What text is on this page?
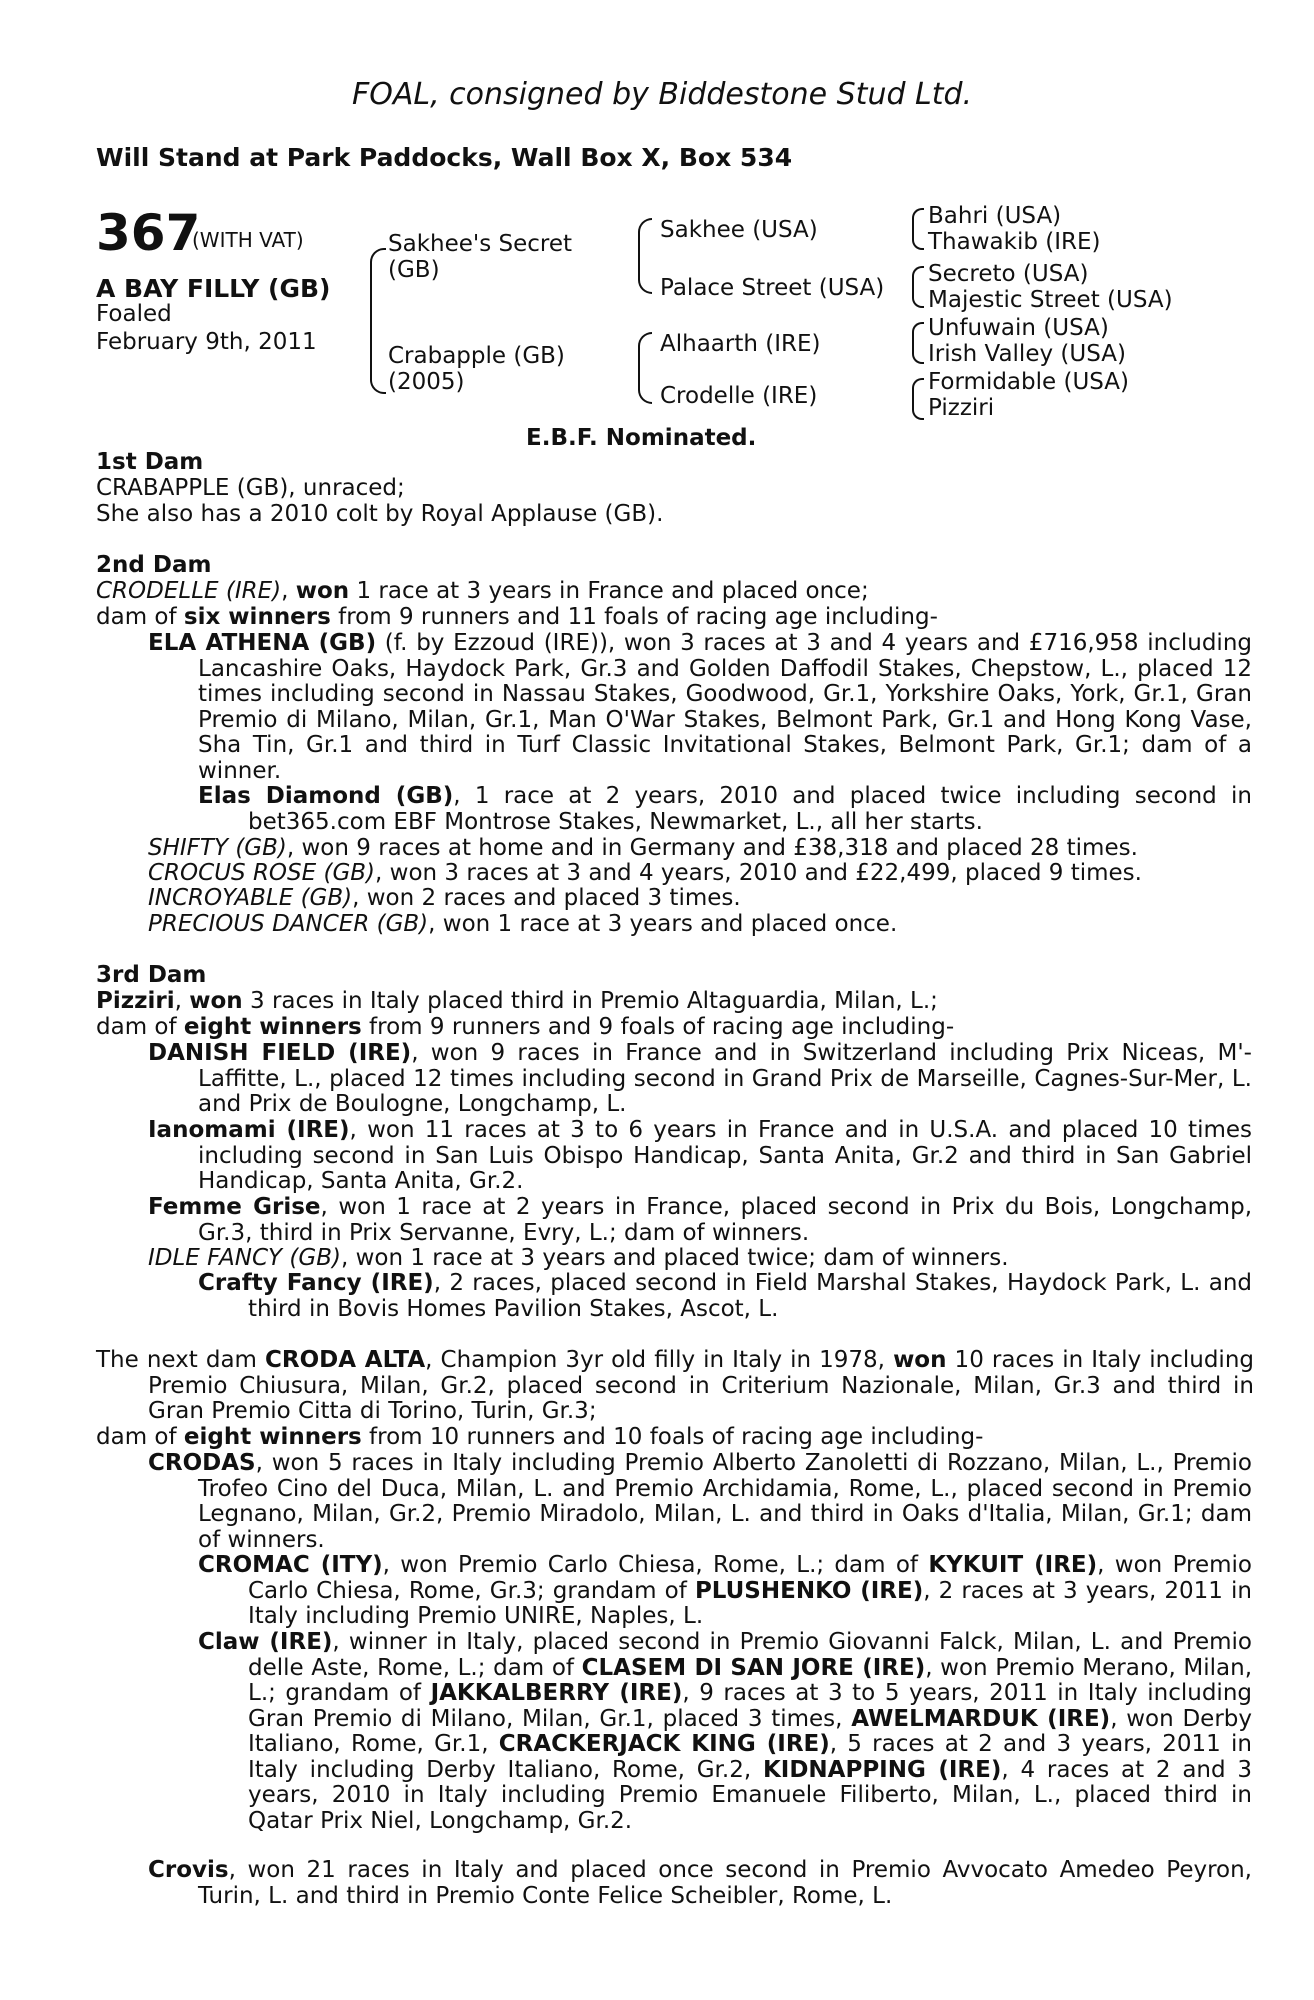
FOAL, consigned by Biddestone Stud Ltd.
Will Stand at Park Paddocks, Wall Box X, Box 534
367
(WITH VAT)
A BAY FILLY (GB)
Foaled
February 9th, 2011
Sakhee's Secret
(GB)
Crabapple (GB)
(2005)
Sakhee (USA)
Palace Street (USA)
Alhaarth (IRE)
Crodelle (IRE)
Bahri (USA)
Thawakib (IRE)
Secreto (USA)
Majestic Street (USA)
Unfuwain (USA)
Irish Valley (USA)
Formidable (USA)
Pizziri
E.B.F. Nominated.
1st Dam
CRABAPPLE (GB), unraced;
She also has a 2010 colt by Royal Applause (GB).
2nd Dam
CRODELLE (IRE), won 1 race at 3 years in France and placed once;
dam of six winners from 9 runners and 11 foals of racing age including-

ELA ATHENA (GB) (f. by Ezzoud (IRE)), won 3 races at 3 and 4 years and £716,958 including Lancashire Oaks, Haydock Park, Gr.3 and Golden Daffodil Stakes, Chepstow, L., placed 12 times including second in Nassau Stakes, Goodwood, Gr.1, Yorkshire Oaks, York, Gr.1, Gran Premio di Milano, Milan, Gr.1, Man O'War Stakes, Belmont Park, Gr.1 and Hong Kong Vase, Sha Tin, Gr.1 and third in Turf Classic Invitational Stakes, Belmont Park, Gr.1; dam of a winner.

Elas Diamond (GB), 1 race at 2 years, 2010 and placed twice including second in bet365.com EBF Montrose Stakes, Newmarket, L., all her starts.

SHIFTY (GB), won 9 races at home and in Germany and £38,318 and placed 28 times.

CROCUS ROSE (GB), won 3 races at 3 and 4 years, 2010 and £22,499, placed 9 times.

INCROYABLE (GB), won 2 races and placed 3 times.

PRECIOUS DANCER (GB), won 1 race at 3 years and placed once.

3rd Dam
Pizziri, won 3 races in Italy placed third in Premio Altaguardia, Milan, L.;
dam of eight winners from 9 runners and 9 foals of racing age including-

DANISH FIELD (IRE), won 9 races in France and in Switzerland including Prix Niceas, M'-Laffitte, L., placed 12 times including second in Grand Prix de Marseille, Cagnes-Sur-Mer, L. and Prix de Boulogne, Longchamp, L.

Ianomami (IRE), won 11 races at 3 to 6 years in France and in U.S.A. and placed 10 times including second in San Luis Obispo Handicap, Santa Anita, Gr.2 and third in San Gabriel Handicap, Santa Anita, Gr.2.

Femme Grise, won 1 race at 2 years in France, placed second in Prix du Bois, Longchamp, Gr.3, third in Prix Servanne, Evry, L.; dam of winners.

IDLE FANCY (GB), won 1 race at 3 years and placed twice; dam of winners.

Crafty Fancy (IRE), 2 races, placed second in Field Marshal Stakes, Haydock Park, L. and third in Bovis Homes Pavilion Stakes, Ascot, L.

The next dam CRODA ALTA, Champion 3yr old filly in Italy in 1978, won 10 races in Italy including Premio Chiusura, Milan, Gr.2, placed second in Criterium Nazionale, Milan, Gr.3 and third in Gran Premio Citta di Torino, Turin, Gr.3;

dam of eight winners from 10 runners and 10 foals of racing age including-

CRODAS, won 5 races in Italy including Premio Alberto Zanoletti di Rozzano, Milan, L., Premio Trofeo Cino del Duca, Milan, L. and Premio Archidamia, Rome, L., placed second in Premio Legnano, Milan, Gr.2, Premio Miradolo, Milan, L. and third in Oaks d'Italia, Milan, Gr.1; dam of winners.

CROMAC (ITY), won Premio Carlo Chiesa, Rome, L.; dam of KYKUIT (IRE), won Premio Carlo Chiesa, Rome, Gr.3; grandam of PLUSHENKO (IRE), 2 races at 3 years, 2011 in Italy including Premio UNIRE, Naples, L.

Claw (IRE), winner in Italy, placed second in Premio Giovanni Falck, Milan, L. and Premio delle Aste, Rome, L.; dam of CLASEM DI SAN JORE (IRE), won Premio Merano, Milan, L.; grandam of JAKKALBERRY (IRE), 9 races at 3 to 5 years, 2011 in Italy including Gran Premio di Milano, Milan, Gr.1, placed 3 times, AWELMARDUK (IRE), won Derby Italiano, Rome, Gr.1, CRACKERJACK KING (IRE), 5 races at 2 and 3 years, 2011 in Italy including Derby Italiano, Rome, Gr.2, KIDNAPPING (IRE), 4 races at 2 and 3 years, 2010 in Italy including Premio Emanuele Filiberto, Milan, L., placed third in Qatar Prix Niel, Longchamp, Gr.2.

Crovis, won 21 races in Italy and placed once second in Premio Avvocato Amedeo Peyron, Turin, L. and third in Premio Conte Felice Scheibler, Rome, L.
